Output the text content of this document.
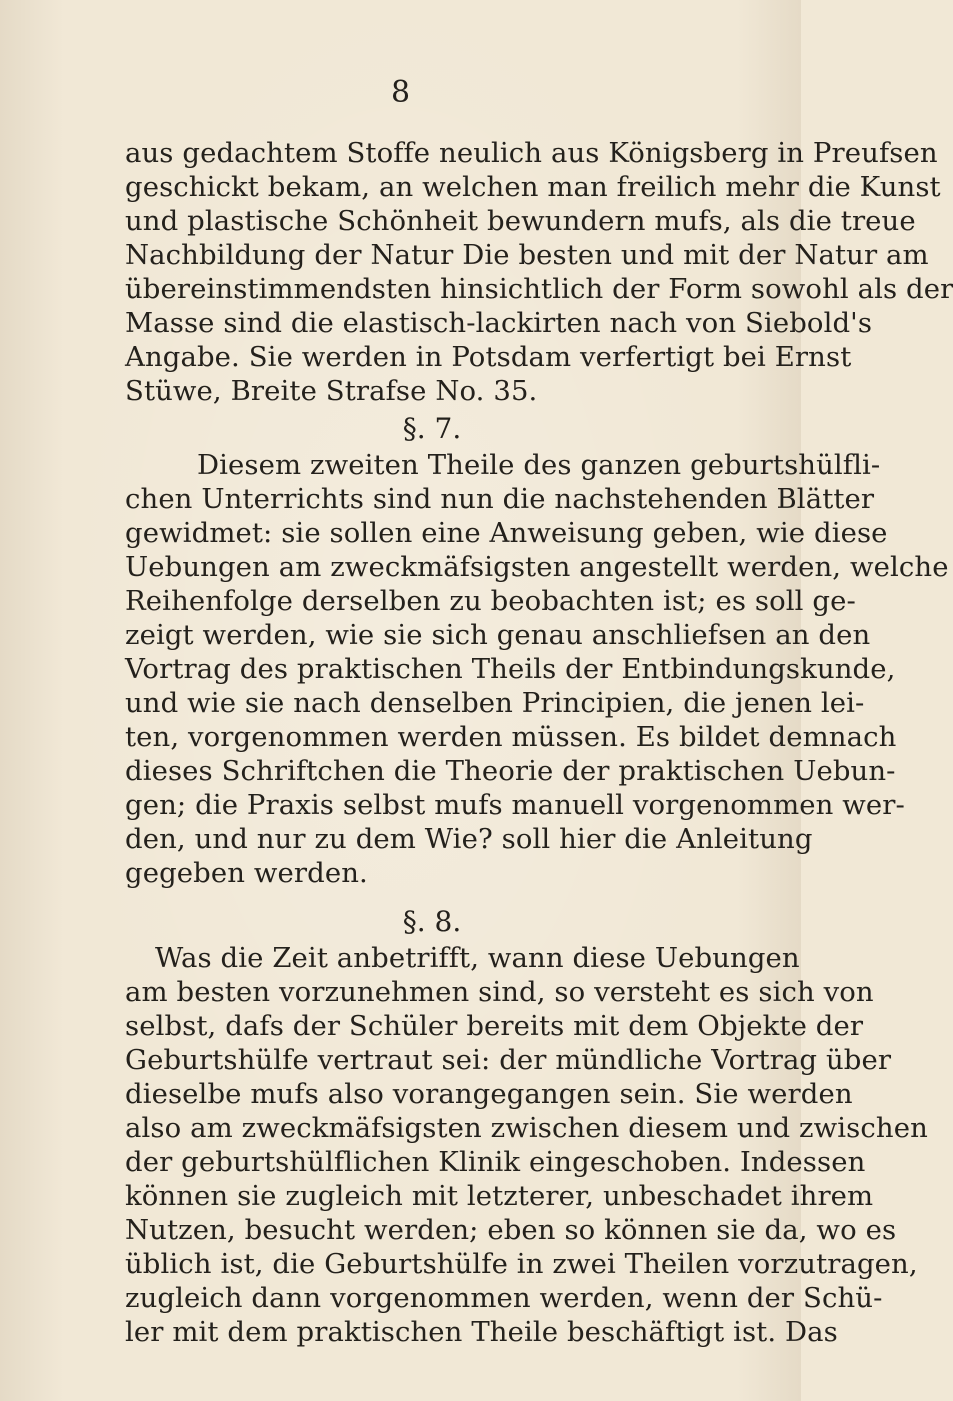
8
aus gedachtem Stoffe neulich aus Königsberg in Preufsen
geschickt bekam, an welchen man freilich mehr die Kunst
und plastische Schönheit bewundern mufs, als die treue
Nachbildung der Natur Die besten und mit der Natur am
übereinstimmendsten hinsichtlich der Form sowohl als der
Masse sind die elastisch-lackirten nach von Siebold's
Angabe. Sie werden in Potsdam verfertigt bei Ernst
Stüwe, Breite Strafse No. 35.
§. 7.
Diesem zweiten Theile des ganzen geburtshülfli-
chen Unterrichts sind nun die nachstehenden Blätter
gewidmet: sie sollen eine Anweisung geben, wie diese
Uebungen am zweckmäfsigsten angestellt werden, welche
Reihenfolge derselben zu beobachten ist; es soll ge-
zeigt werden, wie sie sich genau anschliefsen an den
Vortrag des praktischen Theils der Entbindungskunde,
und wie sie nach denselben Principien, die jenen lei-
ten, vorgenommen werden müssen. Es bildet demnach
dieses Schriftchen die Theorie der praktischen Uebun-
gen; die Praxis selbst mufs manuell vorgenommen wer-
den, und nur zu dem Wie? soll hier die Anleitung
gegeben werden.
§. 8.
Was die Zeit anbetrifft, wann diese Uebungen
am besten vorzunehmen sind, so versteht es sich von
selbst, dafs der Schüler bereits mit dem Objekte der
Geburtshülfe vertraut sei: der mündliche Vortrag über
dieselbe mufs also vorangegangen sein. Sie werden
also am zweckmäfsigsten zwischen diesem und zwischen
der geburtshülflichen Klinik eingeschoben. Indessen
können sie zugleich mit letzterer, unbeschadet ihrem
Nutzen, besucht werden; eben so können sie da, wo es
üblich ist, die Geburtshülfe in zwei Theilen vorzutragen,
zugleich dann vorgenommen werden, wenn der Schü-
ler mit dem praktischen Theile beschäftigt ist. Das
